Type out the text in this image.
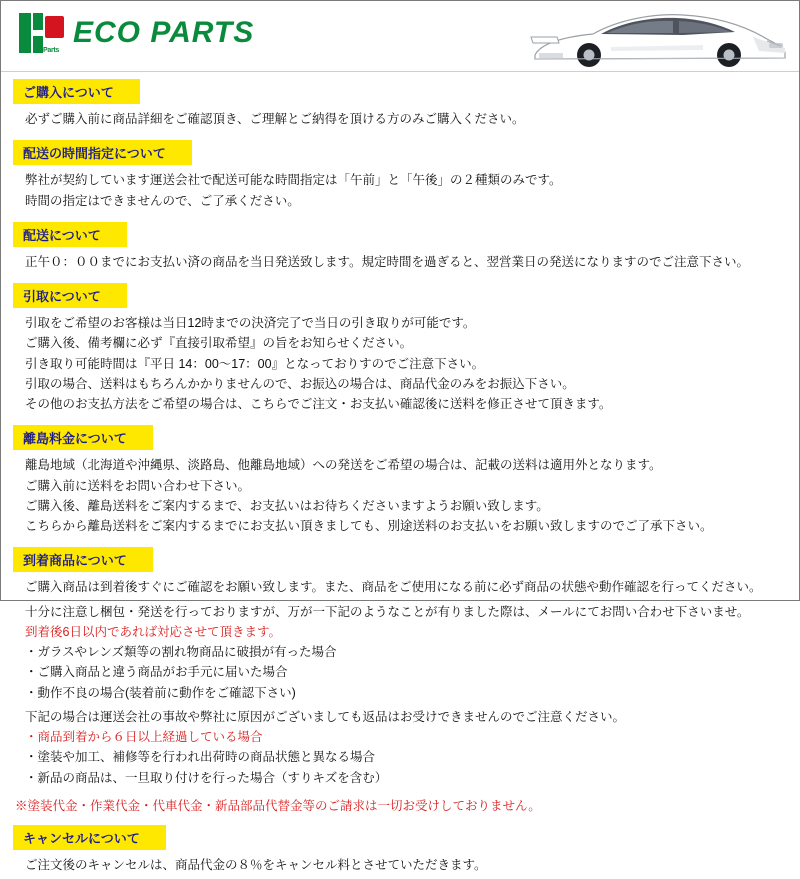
Parts
ECO PARTS
ご購入について
必ずご購入前に商品詳細をご確認頂き、ご理解とご納得を頂ける方のみご購入ください。
配送の時間指定について
弊社が契約しています運送会社で配送可能な時間指定は「午前」と「午後」の２種類のみです。
時間の指定はできませんので、ご了承ください。
配送について
正午０：００までにお支払い済の商品を当日発送致します。規定時間を過ぎると、翌営業日の発送になりますのでご注意下さい。
引取について
引取をご希望のお客様は当日12時までの決済完了で当日の引き取りが可能です。
ご購入後、備考欄に必ず『直接引取希望』の旨をお知らせください。
引き取り可能時間は『平日 14：00〜17：00』となっておりすのでご注意下さい。
引取の場合、送料はもちろんかかりませんので、お振込の場合は、商品代金のみをお振込下さい。
その他のお支払方法をご希望の場合は、こちらでご注文・お支払い確認後に送料を修正させて頂きます。
離島料金について
離島地域（北海道や沖縄県、淡路島、他離島地域）への発送をご希望の場合は、記載の送料は適用外となります。
ご購入前に送料をお問い合わせ下さい。
ご購入後、離島送料をご案内するまで、お支払いはお待ちくださいますようお願い致します。
こちらから離島送料をご案内するまでにお支払い頂きましても、別途送料のお支払いをお願い致しますのでご了承下さい。
到着商品について
ご購入商品は到着後すぐにご確認をお願い致します。また、商品をご使用になる前に必ず商品の状態や動作確認を行ってください。
十分に注意し梱包・発送を行っておりますが、万が一下記のようなことが有りました際は、メールにてお問い合わせ下さいませ。
到着後6日以内であれば対応させて頂きます。
・ ガラスやレンズ類等の割れ物商品に破損が有った場合
・ ご購入商品と違う商品がお手元に届いた場合
・ 動作不良の場合(装着前に動作をご確認下さい)
下記の場合は運送会社の事故や弊社に原因がございましても返品はお受けできませんのでご注意ください。
・ 商品到着から６日以上経過している場合
・ 塗装や加工、補修等を行われ出荷時の商品状態と異なる場合
・ 新品の商品は、一旦取り付けを行った場合（すりキズを含む）
※塗装代金・作業代金・代車代金・新品部品代替金等のご請求は一切お受けしておりません。
キャンセルについて
ご注文後のキャンセルは、商品代金の８％をキャンセル料とさせていただきます。
